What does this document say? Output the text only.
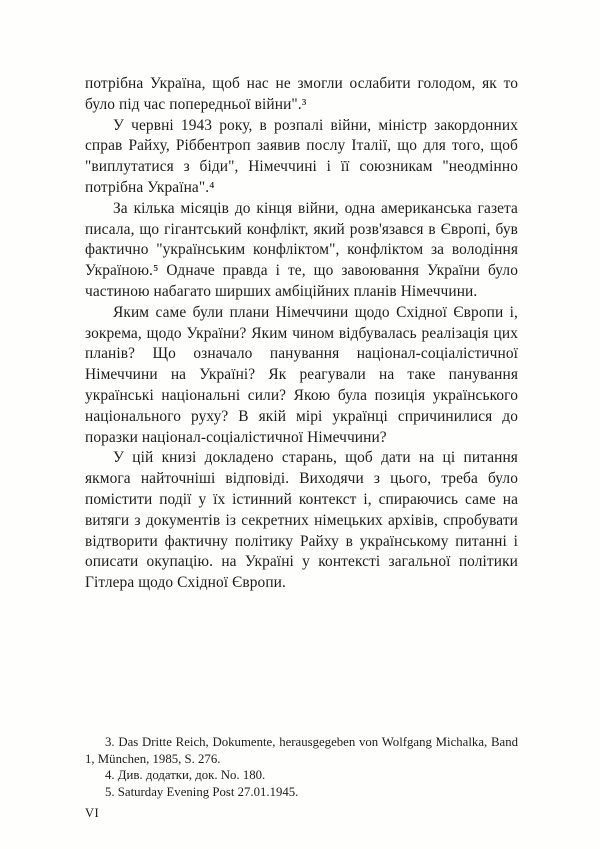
потрібна Україна, щоб нас не змогли ослабити голодом, як то було під час попередньої війни".³

У червні 1943 року, в розпалі війни, міністр закордонних справ Райху, Ріббентроп заявив послу Італії, що для того, щоб "виплутатися з біди", Німеччині і її союзникам "неодмінно потрібна Україна".⁴

За кілька місяців до кінця війни, одна американська газета писала, що гігантський конфлікт, який розв'язався в Європі, був фактично "українським конфліктом", конфліктом за володіння Україною.⁵ Одначе правда і те, що завоювання України було частиною набагато ширших амбіційних планів Німеччини.

Яким саме були плани Німеччини щодо Східної Європи і, зокрема, щодо України? Яким чином відбувалась реалізація цих планів? Що означало панування націонал-соціалістичної Німеччини на Україні? Як реагували на таке панування українські національні сили? Якою була позиція українського національного руху? В якій мірі українці спричинилися до поразки націонал-соціалістичної Німеччини?

У цій книзі докладено старань, щоб дати на ці питання якмога найточніші відповіді. Виходячи з цього, треба було помістити події у їх істинний контекст і, спираючись саме на витяги з документів із секретних німецьких архівів, спробувати відтворити фактичну політику Райху в українському питанні і описати окупацію. на Україні у контексті загальної політики Гітлера щодо Східної Європи.

3. Das Dritte Reich, Dokumente, herausgegeben von Wolfgang Michalka, Band 1, München, 1985, S. 276.

4. Див. додатки, док. No. 180.

5. Saturday Evening Post 27.01.1945.

VI
